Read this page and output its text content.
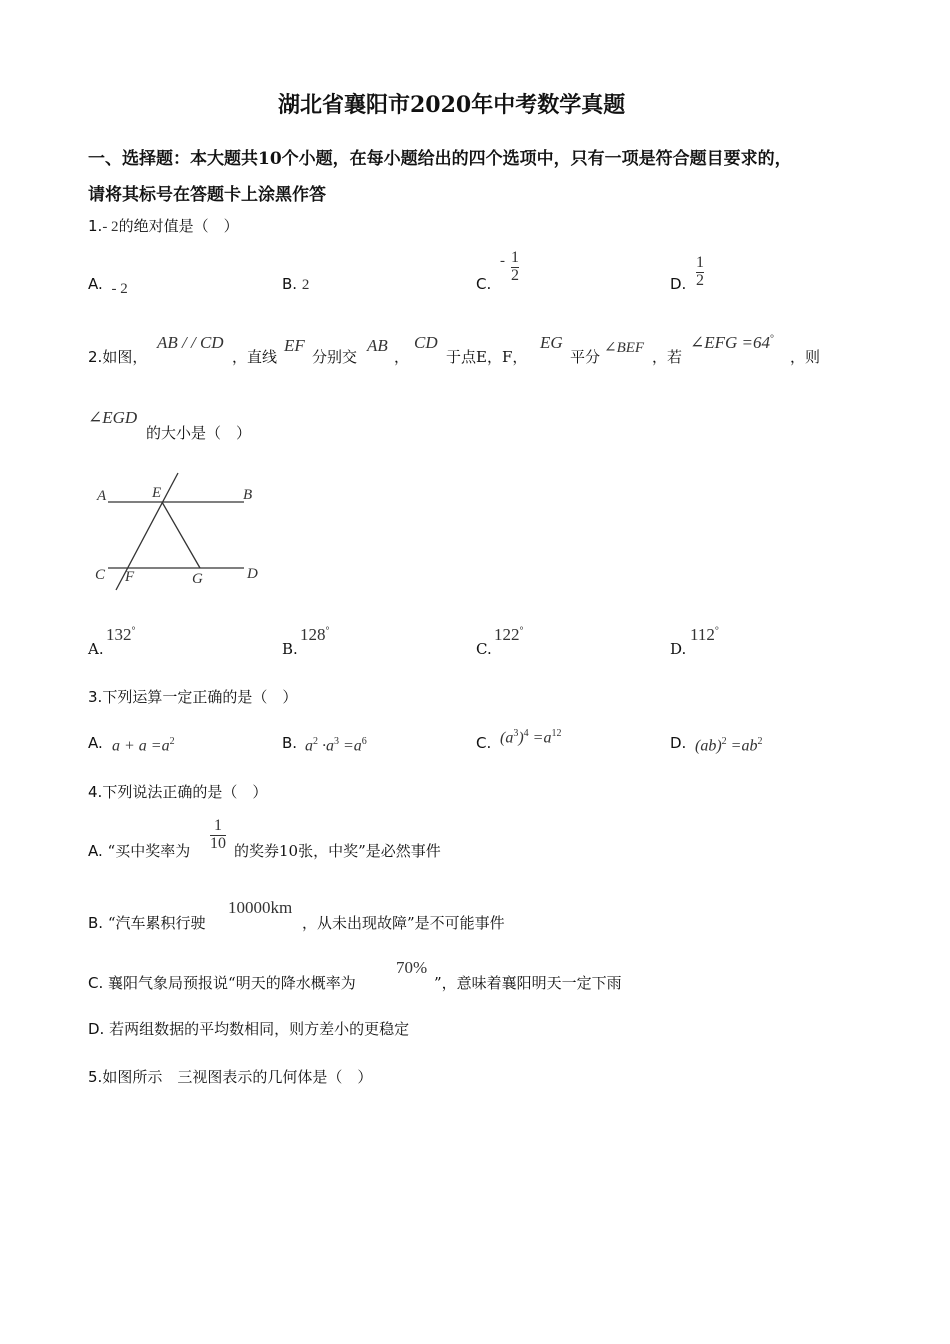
湖北省襄阳市2020年中考数学真题
一、选择题：本大题共10个小题，在每小题给出的四个选项中，只有一项是符合题目要求的，
请将其标号在答题卡上涂黑作答
1.- 2的绝对值是（　）
A. - 2	B. 2	C.
- $\frac{1}{2}$	D. $\frac{1}{2}$
2.如图，
AB / / CD
，直线
EF
分别交
AB
，
CD
于点E，F，
EG
平分 ∠BEF ，若
∠EFG =64°
，则
∠EGD
的大小是（　）
A	E	B
C F	G	D
A.
132°
B.
128°
C.
122°
D.
112°
3.下列运算一定正确的是（　）
A. $a + a =a^2$	B. $a^2 \cdot a^3 =a^6$	C. $(a^3)^4 =a^{12}$
D. $(ab)^2 =ab^2$
4.下列说法正确的是（　）
A. “买中奖率为 $\frac{1}{10}$ 的奖券10张，中奖”是必然事件
B. “汽车累积行驶
10000km
，从未出现故障”是不可能事件
C. 襄阳气象局预报说“明天的降水概率为
70%
”，意味着襄阳明天一定下雨
D. 若两组数据的平均数相同，则方差小的更稳定
5.如图所示　三视图表示的几何体是（　）
